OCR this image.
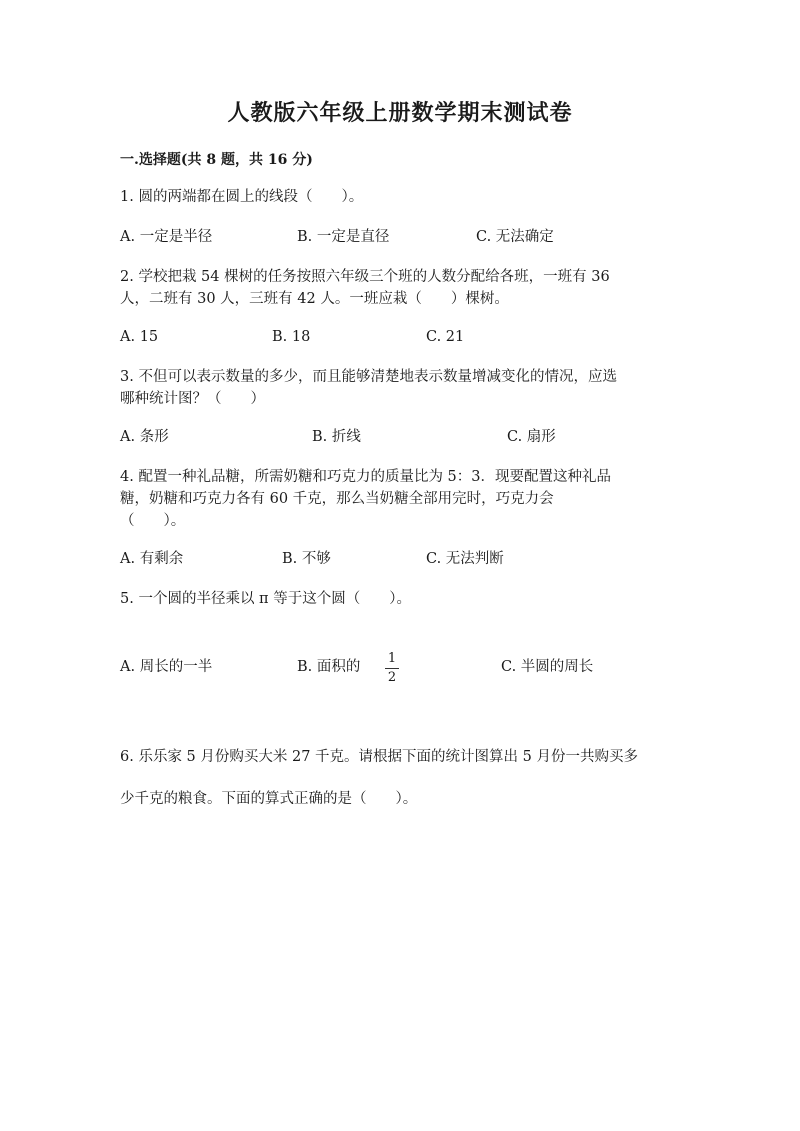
人教版六年级上册数学期末测试卷
一.选择题(共 8 题，共 16 分)
1. 圆的两端都在圆上的线段（　　）。
A. 一定是半径	B. 一定是直径	C. 无法确定
2. 学校把栽 54 棵树的任务按照六年级三个班的人数分配给各班，一班有 36
人，二班有 30 人，三班有 42 人。一班应栽（　　）棵树。
A. 15	B. 18	C. 21
3. 不但可以表示数量的多少，而且能够清楚地表示数量增减变化的情况，应选
哪种统计图？（　　）
A. 条形	B. 折线	C. 扇形
4. 配置一种礼品糖，所需奶糖和巧克力的质量比为 5：3．现要配置这种礼品
糖，奶糖和巧克力各有 60 千克，那么当奶糖全部用完时，巧克力会
（　　）。
A. 有剩余	B. 不够	C. 无法判断
5. 一个圆的半径乘以 π 等于这个圆（　　）。
A. 周长的一半	B. 面积的
1
2
C. 半圆的周长
6. 乐乐家 5 月份购买大米 27 千克。请根据下面的统计图算出 5 月份一共购买多
少千克的粮食。下面的算式正确的是（　　）。
